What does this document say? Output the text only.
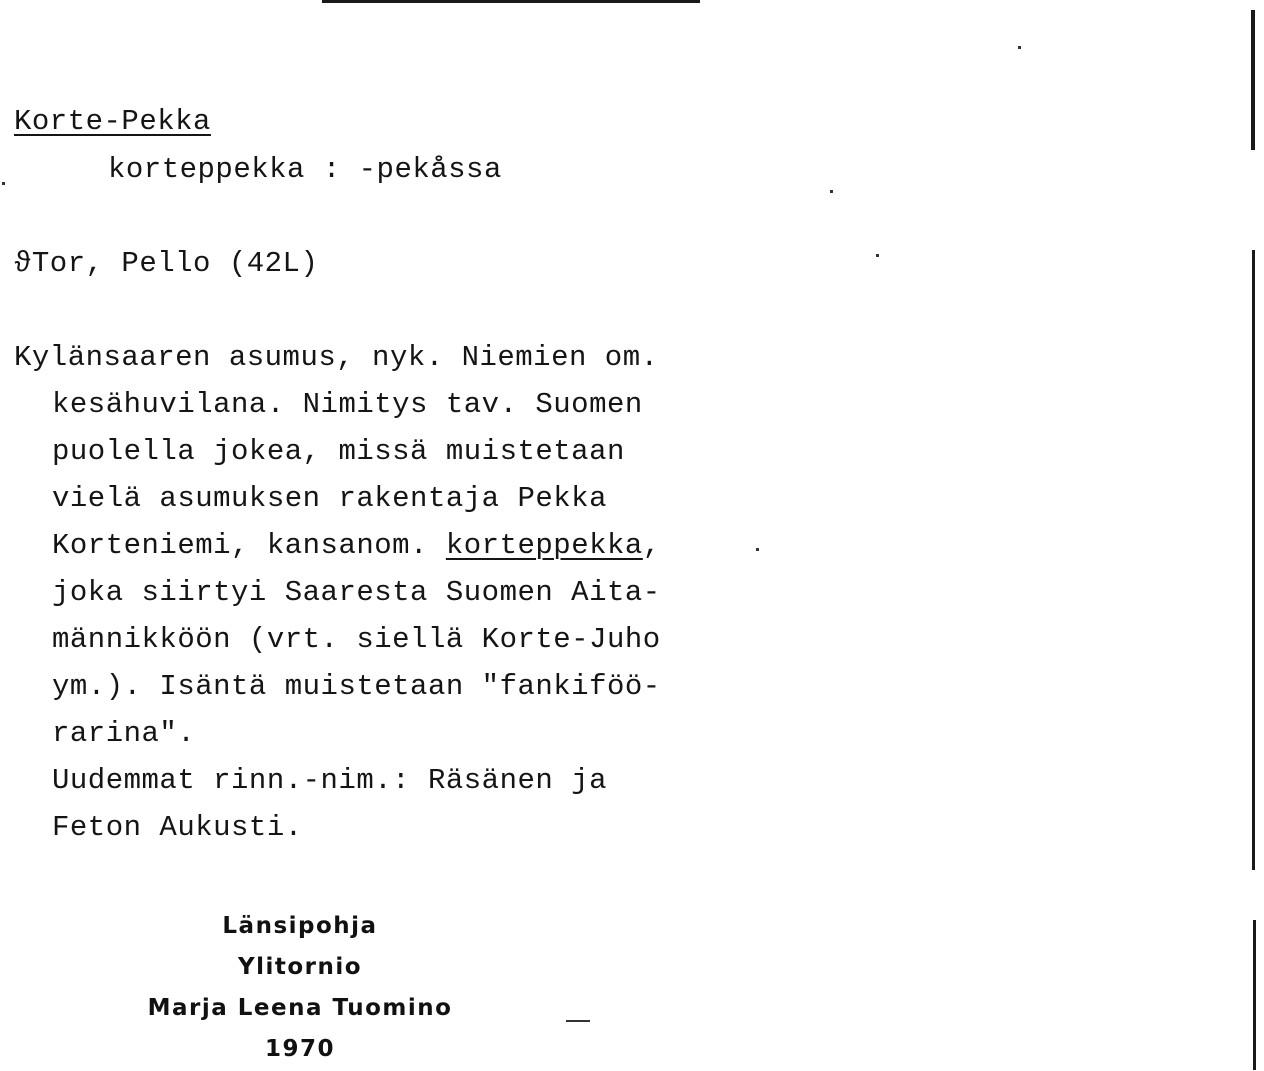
Korte-Pekka
korteppekka : -pekåssa
ϑTor, Pello (42L)

Kylänsaaren asumus, nyk. Niemien om.

kesähuvilana. Nimitys tav. Suomen

puolella jokea, missä muistetaan

vielä asumuksen rakentaja Pekka

Korteniemi, kansanom. korteppekka,

joka siirtyi Saaresta Suomen Aita-

männikköön (vrt. siellä Korte-Juho

ym.). Isäntä muistetaan "fankiföö-

rarina".

Uudemmat rinn.-nim.: Räsänen ja

Feton Aukusti.

Länsipohja
Ylitornio
Marja Leena Tuomino
1970
